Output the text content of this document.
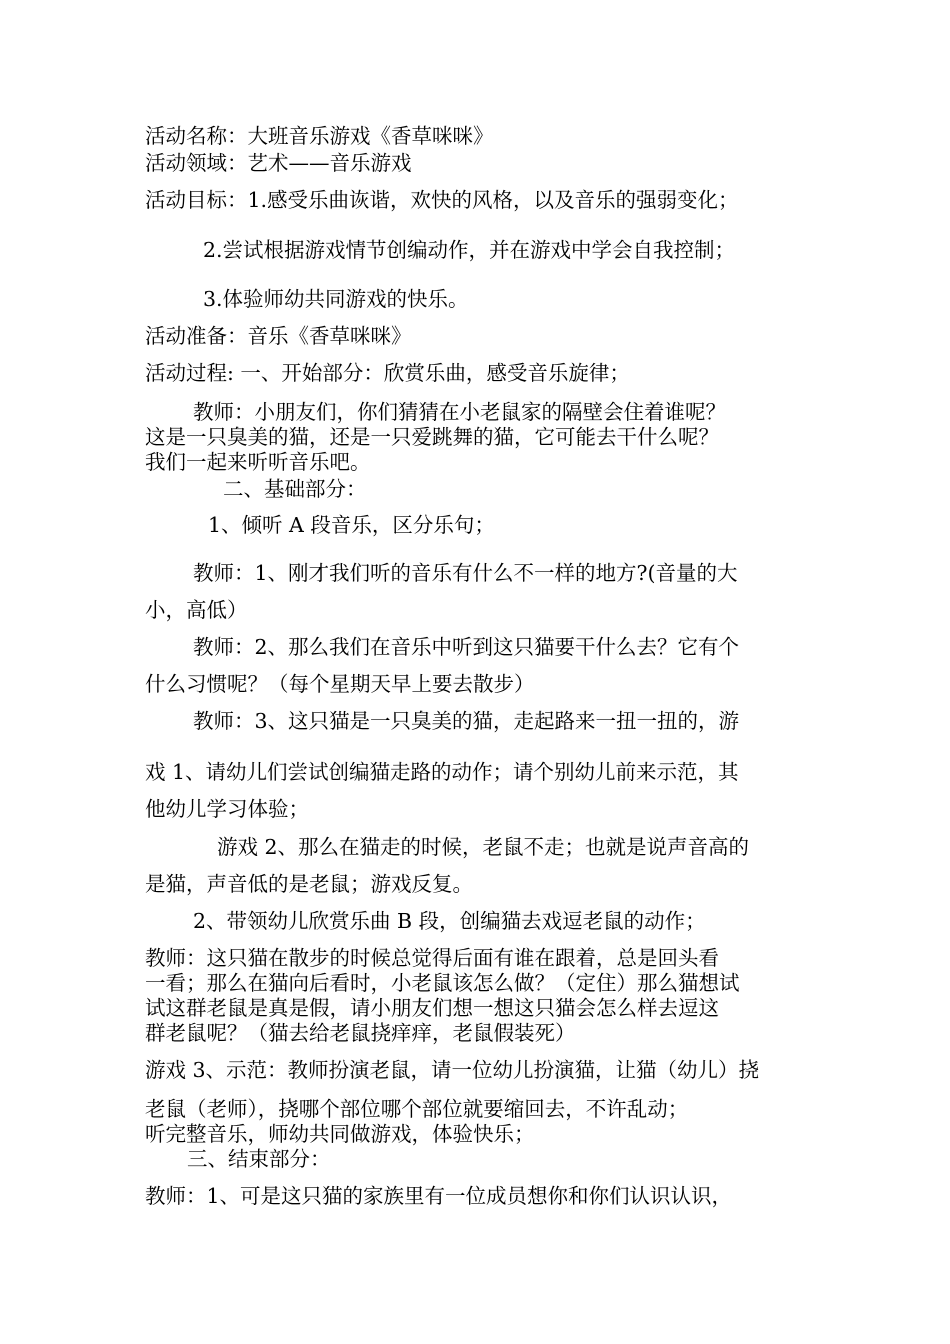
活动名称：大班音乐游戏《香草咪咪》
活动领域：艺术——音乐游戏
活动目标：1.感受乐曲诙谐，欢快的风格，以及音乐的强弱变化；
2.尝试根据游戏情节创编动作，并在游戏中学会自我控制；
3.体验师幼共同游戏的快乐。
活动准备：音乐《香草咪咪》
活动过程: 一、开始部分：欣赏乐曲，感受音乐旋律；
教师：小朋友们，你们猜猜在小老鼠家的隔壁会住着谁呢？
这是一只臭美的猫，还是一只爱跳舞的猫，它可能去干什么呢？
我们一起来听听音乐吧。
二、基础部分：
1、倾听 A 段音乐，区分乐句；
教师：1、刚才我们听的音乐有什么不一样的地方?(音量的大
小，高低）
教师：2、那么我们在音乐中听到这只猫要干什么去？它有个
什么习惯呢？（每个星期天早上要去散步）
教师：3、这只猫是一只臭美的猫，走起路来一扭一扭的，游
戏 1、请幼儿们尝试创编猫走路的动作；请个别幼儿前来示范，其
他幼儿学习体验；
游戏 2、那么在猫走的时候，老鼠不走；也就是说声音高的
是猫，声音低的是老鼠；游戏反复。
2、带领幼儿欣赏乐曲 B 段，创编猫去戏逗老鼠的动作；
教师：这只猫在散步的时候总觉得后面有谁在跟着，总是回头看
一看；那么在猫向后看时，小老鼠该怎么做？（定住）那么猫想试
试这群老鼠是真是假，请小朋友们想一想这只猫会怎么样去逗这
群老鼠呢？（猫去给老鼠挠痒痒，老鼠假装死）
游戏 3、示范：教师扮演老鼠，请一位幼儿扮演猫，让猫（幼儿）挠
老鼠（老师），挠哪个部位哪个部位就要缩回去，不许乱动；
听完整音乐，师幼共同做游戏，体验快乐；
三、结束部分：
教师：1、可是这只猫的家族里有一位成员想你和你们认识认识，
